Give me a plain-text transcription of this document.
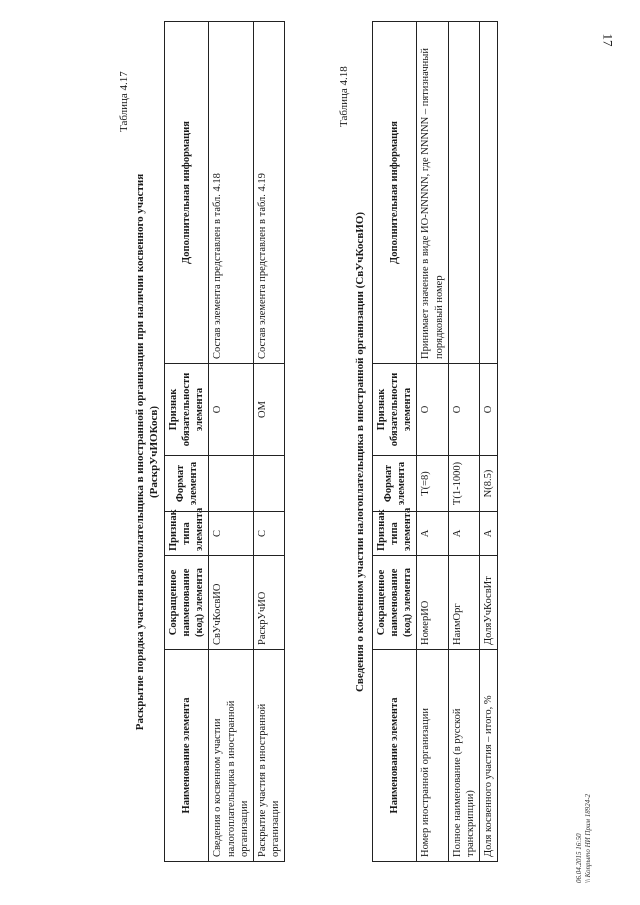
17
Таблица 4.17
Раскрытие порядка участия налогоплательщика в иностранной организации при наличии косвенного участия (РаскрУчИОКосв)
Наименование элемента	Сокращенное наименование (код) элемента	Признак типа элемента	Формат элемента	Признак обязательности элемента	Дополнительная информация
Сведения о косвенном участии налогоплательщика в иностранной организации	СвУчКосвИО	С		О	Состав элемента представлен в табл. 4.18
Раскрытие участия в иностранной организации	РаскрУчИО	С		ОМ	Состав элемента представлен в табл. 4.19
Таблица 4.18
Сведения о косвенном участии налогоплательщика в иностранной организации (СвУчКосвИО)
Наименование элемента	Сокращенное наименование (код) элемента	Признак типа элемента	Формат элемента	Признак обязательности элемента	Дополнительная информация
Номер иностранной организации	НомерИО	А	Т(=8)	О	Принимает значение в виде ИО-NNNNN, где NNNNN – пятизначный порядковый номер
Полное наименование (в русской транскрипции)	НаимОрг	А	Т(1-1000)	О	
Доля косвенного участия – итого, %	ДоляУчКосвИт	А	N(8.5)	О	
06.04.2015 16:50 \\ Копрыто НИ Прим 18924-2
